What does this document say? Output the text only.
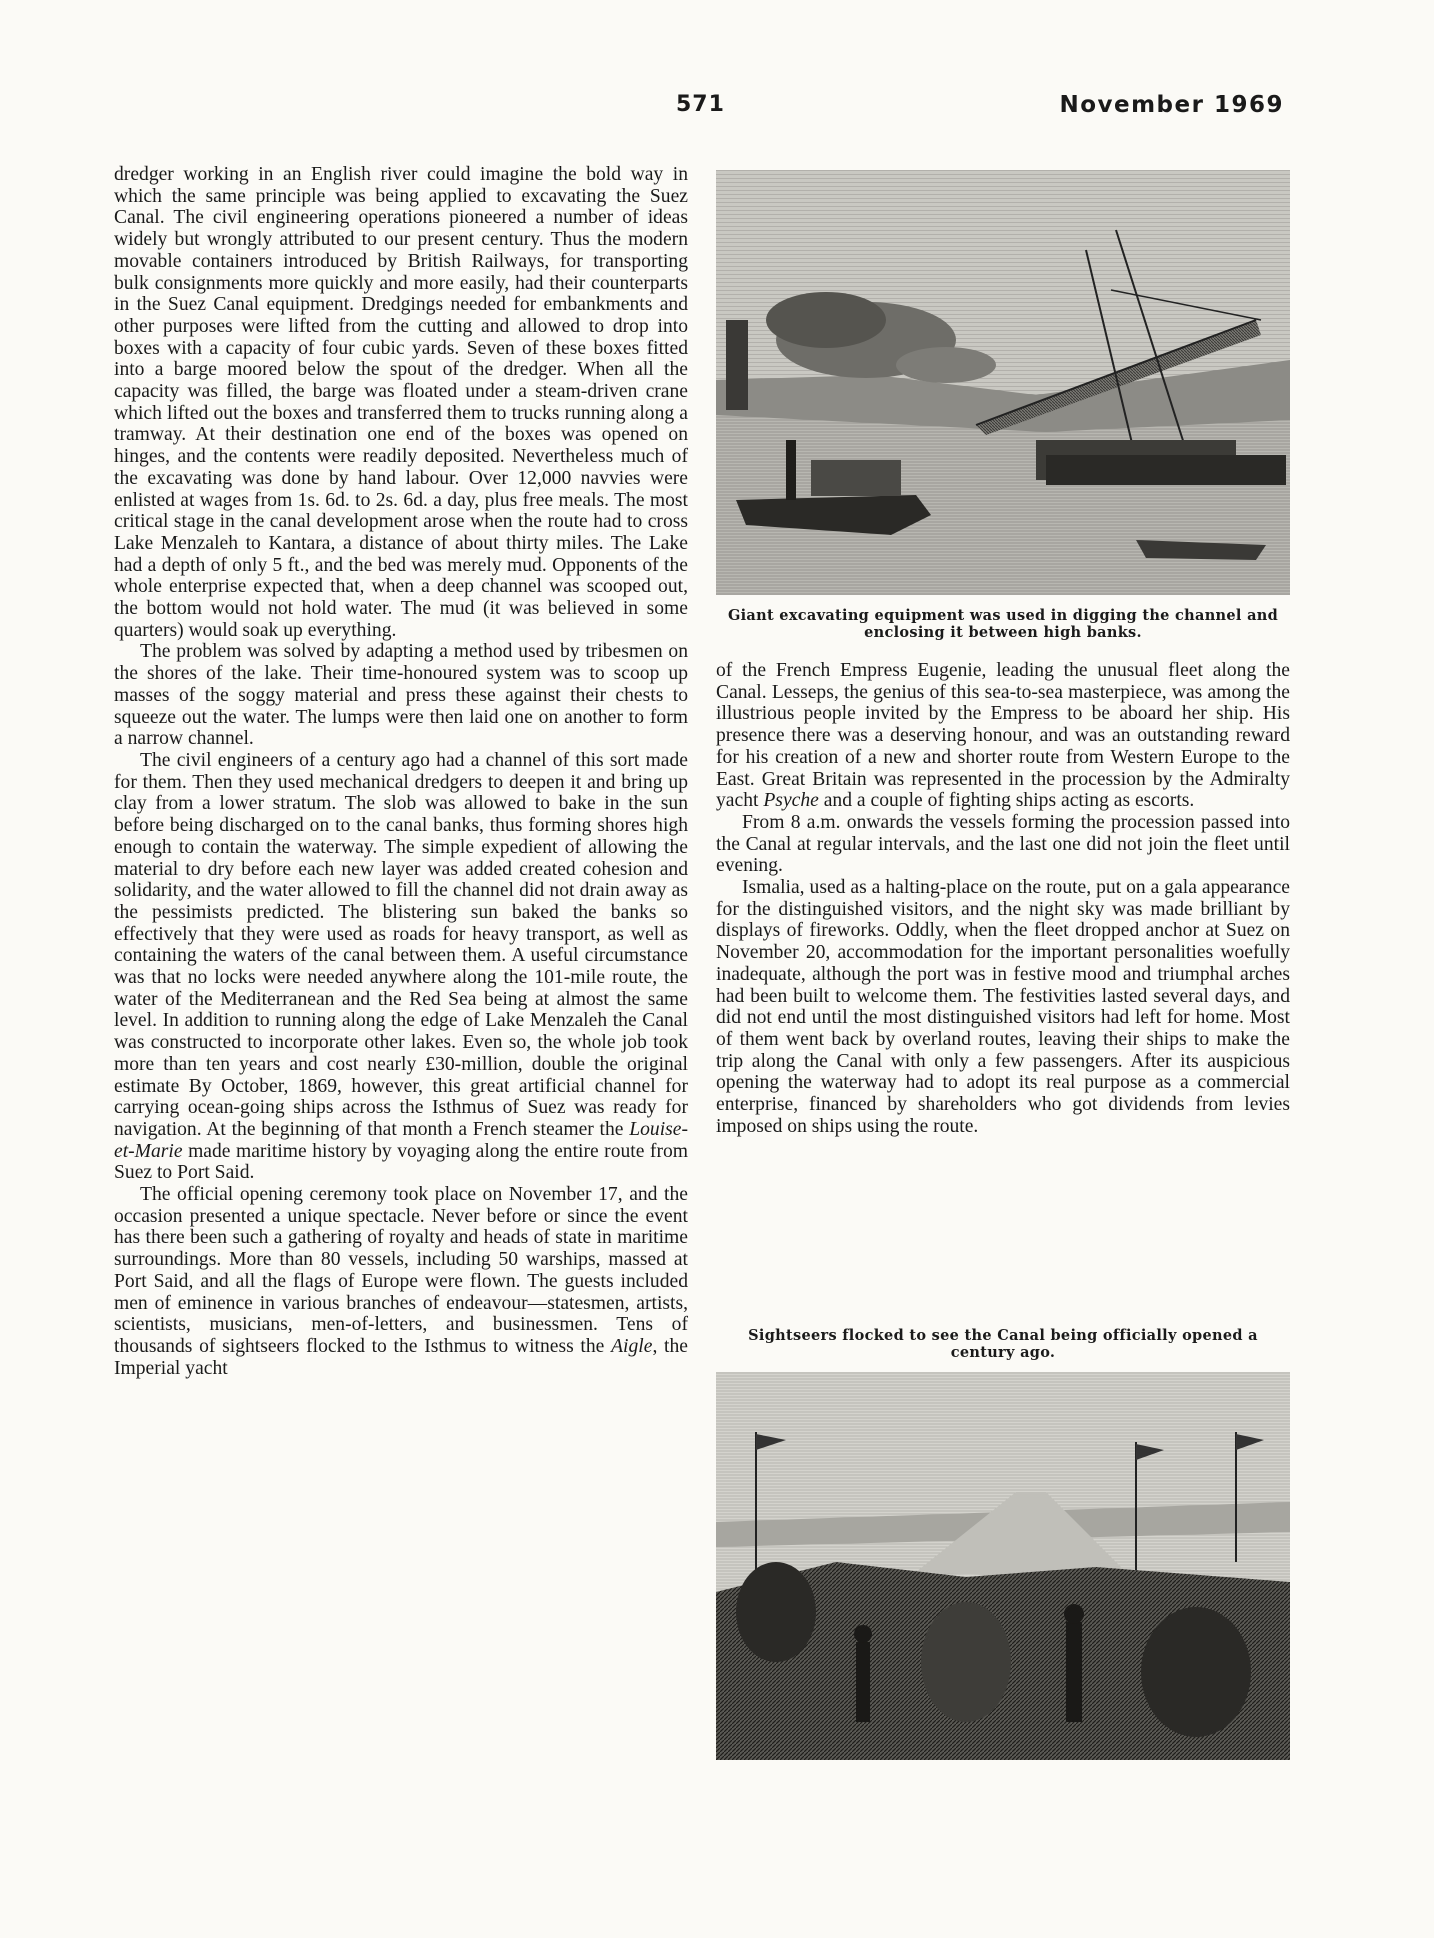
571	November 1969

dredger working in an English river could imagine the bold way in which the same principle was being applied to excavating the Suez Canal. The civil engineering operations pioneered a number of ideas widely but wrongly attributed to our present century. Thus the modern movable containers introduced by British Railways, for transporting bulk consignments more quickly and more easily, had their counterparts in the Suez Canal equipment. Dredgings needed for embankments and other purposes were lifted from the cutting and allowed to drop into boxes with a capacity of four cubic yards. Seven of these boxes fitted into a barge moored below the spout of the dredger. When all the capacity was filled, the barge was floated under a steam-driven crane which lifted out the boxes and transferred them to trucks running along a tramway. At their destination one end of the boxes was opened on hinges, and the contents were readily deposited. Nevertheless much of the excavating was done by hand labour. Over 12,000 navvies were enlisted at wages from 1s. 6d. to 2s. 6d. a day, plus free meals. The most critical stage in the canal development arose when the route had to cross Lake Menzaleh to Kantara, a distance of about thirty miles. The Lake had a depth of only 5 ft., and the bed was merely mud. Opponents of the whole enterprise expected that, when a deep channel was scooped out, the bottom would not hold water. The mud (it was believed in some quarters) would soak up everything.

The problem was solved by adapting a method used by tribesmen on the shores of the lake. Their time-honoured system was to scoop up masses of the soggy material and press these against their chests to squeeze out the water. The lumps were then laid one on another to form a narrow channel.

The civil engineers of a century ago had a channel of this sort made for them. Then they used mechanical dredgers to deepen it and bring up clay from a lower stratum. The slob was allowed to bake in the sun before being discharged on to the canal banks, thus forming shores high enough to contain the waterway. The simple expedient of allowing the material to dry before each new layer was added created cohesion and solidarity, and the water allowed to fill the channel did not drain away as the pessimists predicted. The blistering sun baked the banks so effectively that they were used as roads for heavy transport, as well as containing the waters of the canal between them. A useful circumstance was that no locks were needed anywhere along the 101-mile route, the water of the Mediterranean and the Red Sea being at almost the same level. In addition to running along the edge of Lake Menzaleh the Canal was constructed to incorporate other lakes. Even so, the whole job took more than ten years and cost nearly £30-million, double the original estimate By October, 1869, however, this great artificial channel for carrying ocean-going ships across the Isthmus of Suez was ready for navigation. At the beginning of that month a French steamer the Louise-et-Marie made maritime history by voyaging along the entire route from Suez to Port Said.

The official opening ceremony took place on November 17, and the occasion presented a unique spectacle. Never before or since the event has there been such a gathering of royalty and heads of state in maritime surroundings. More than 80 vessels, including 50 warships, massed at Port Said, and all the flags of Europe were flown. The guests included men of eminence in various branches of endeavour—statesmen, artists, scientists, musicians, men-of-letters, and businessmen. Tens of thousands of sightseers flocked to the Isthmus to witness the Aigle, the Imperial yacht

Giant excavating equipment was used in digging the channel and enclosing it between high banks.

of the French Empress Eugenie, leading the unusual fleet along the Canal. Lesseps, the genius of this sea-to-sea masterpiece, was among the illustrious people invited by the Empress to be aboard her ship. His presence there was a deserving honour, and was an outstanding reward for his creation of a new and shorter route from Western Europe to the East. Great Britain was represented in the procession by the Admiralty yacht Psyche and a couple of fighting ships acting as escorts.

From 8 a.m. onwards the vessels forming the procession passed into the Canal at regular intervals, and the last one did not join the fleet until evening.

Ismalia, used as a halting-place on the route, put on a gala appearance for the distinguished visitors, and the night sky was made brilliant by displays of fireworks. Oddly, when the fleet dropped anchor at Suez on November 20, accommodation for the important personalities woefully inadequate, although the port was in festive mood and triumphal arches had been built to welcome them. The festivities lasted several days, and did not end until the most distinguished visitors had left for home. Most of them went back by overland routes, leaving their ships to make the trip along the Canal with only a few passengers. After its auspicious opening the waterway had to adopt its real purpose as a commercial enterprise, financed by shareholders who got dividends from levies imposed on ships using the route.

Sightseers flocked to see the Canal being officially opened a century ago.
